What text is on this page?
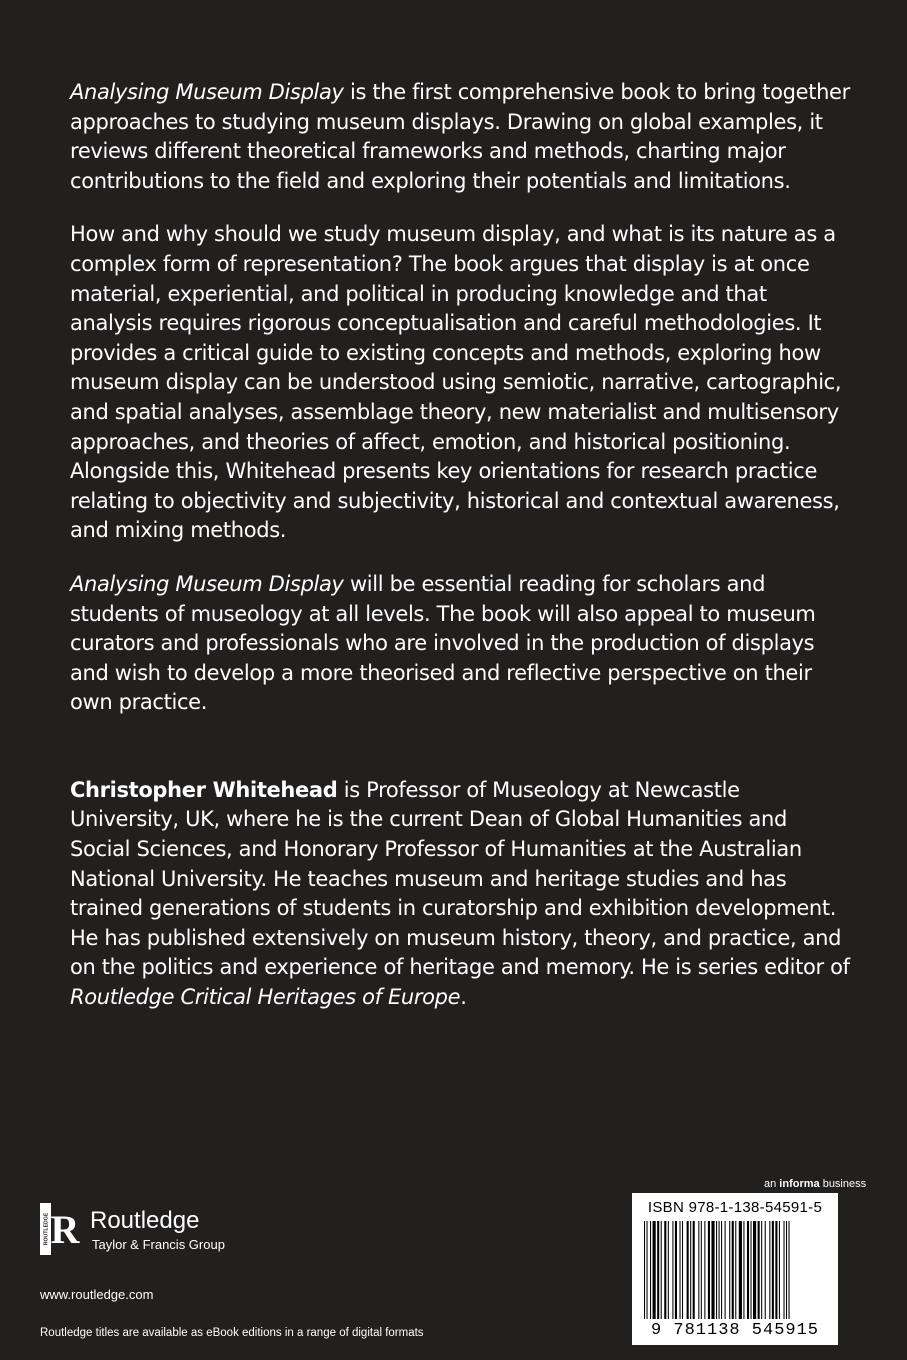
Analysing Museum Display is the first comprehensive book to bring together approaches to studying museum displays. Drawing on global examples, it reviews different theoretical frameworks and methods, charting major contributions to the field and exploring their potentials and limitations.

How and why should we study museum display, and what is its nature as a complex form of representation? The book argues that display is at once material, experiential, and political in producing knowledge and that analysis requires rigorous conceptualisation and careful methodologies. It provides a critical guide to existing concepts and methods, exploring how museum display can be understood using semiotic, narrative, cartographic, and spatial analyses, assemblage theory, new materialist and multisensory approaches, and theories of affect, emotion, and historical positioning. Alongside this, Whitehead presents key orientations for research practice relating to objectivity and subjectivity, historical and contextual awareness, and mixing methods.

Analysing Museum Display will be essential reading for scholars and students of museology at all levels. The book will also appeal to museum curators and professionals who are involved in the production of displays and wish to develop a more theorised and reflective perspective on their own practice.

Christopher Whitehead is Professor of Museology at Newcastle University, UK, where he is the current Dean of Global Humanities and Social Sciences, and Honorary Professor of Humanities at the Australian National University. He teaches museum and heritage studies and has trained generations of students in curatorship and exhibition development. He has published extensively on museum history, theory, and practice, and on the politics and experience of heritage and memory. He is series editor of Routledge Critical Heritages of Europe.

ROUTLEDGE R Routledge
Taylor & Francis Group
www.routledge.com
Routledge titles are available as eBook editions in a range of digital formats
an informa business
ISBN 978-1-138-54591-5
9 781138 545915
